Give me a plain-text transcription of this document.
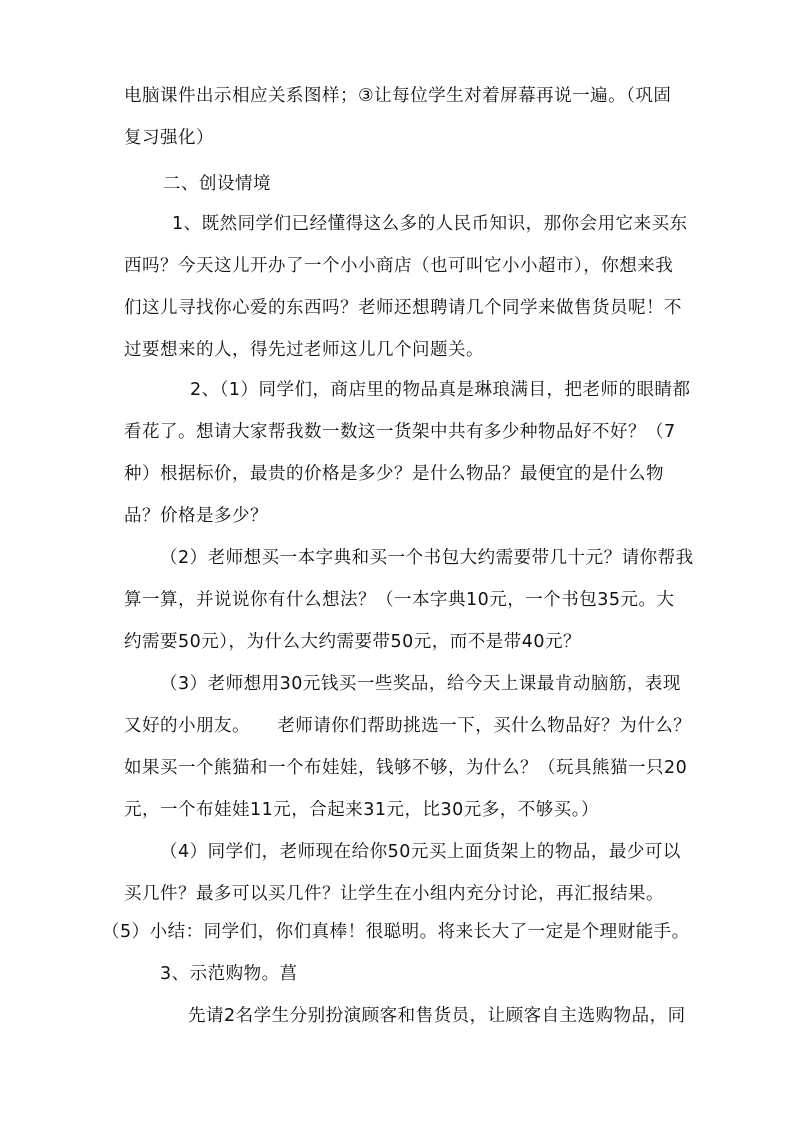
电脑课件出示相应关系图样；③让每位学生对着屏幕再说一遍。（巩固
复习强化）
二、创设情境
1、既然同学们已经懂得这么多的人民币知识，那你会用它来买东
西吗？今天这儿开办了一个小小商店（也可叫它小小超市），你想来我
们这儿寻找你心爱的东西吗？老师还想聘请几个同学来做售货员呢！不
过要想来的人，得先过老师这儿几个问题关。
2、（1）同学们，商店里的物品真是琳琅满目，把老师的眼睛都
看花了。想请大家帮我数一数这一货架中共有多少种物品好不好？（7
种）根据标价，最贵的价格是多少？是什么物品？最便宜的是什么物
品？价格是多少？
（2）老师想买一本字典和买一个书包大约需要带几十元？请你帮我
算一算，并说说你有什么想法？（一本字典10元，一个书包35元。大
约需要50元），为什么大约需要带50元，而不是带40元？
（3）老师想用30元钱买一些奖品，给今天上课最肯动脑筋，表现
又好的小朋友。　　老师请你们帮助挑选一下，买什么物品好？为什么？
如果买一个熊猫和一个布娃娃，钱够不够，为什么？（玩具熊猫一只20
元，一个布娃娃11元，合起来31元，比30元多，不够买。）
（4）同学们，老师现在给你50元买上面货架上的物品，最少可以
买几件？最多可以买几件？让学生在小组内充分讨论，再汇报结果。
（5）小结：同学们，你们真棒！很聪明。将来长大了一定是个理财能手。
3、示范购物。菖
先请2名学生分别扮演顾客和售货员，让顾客自主选购物品，同
